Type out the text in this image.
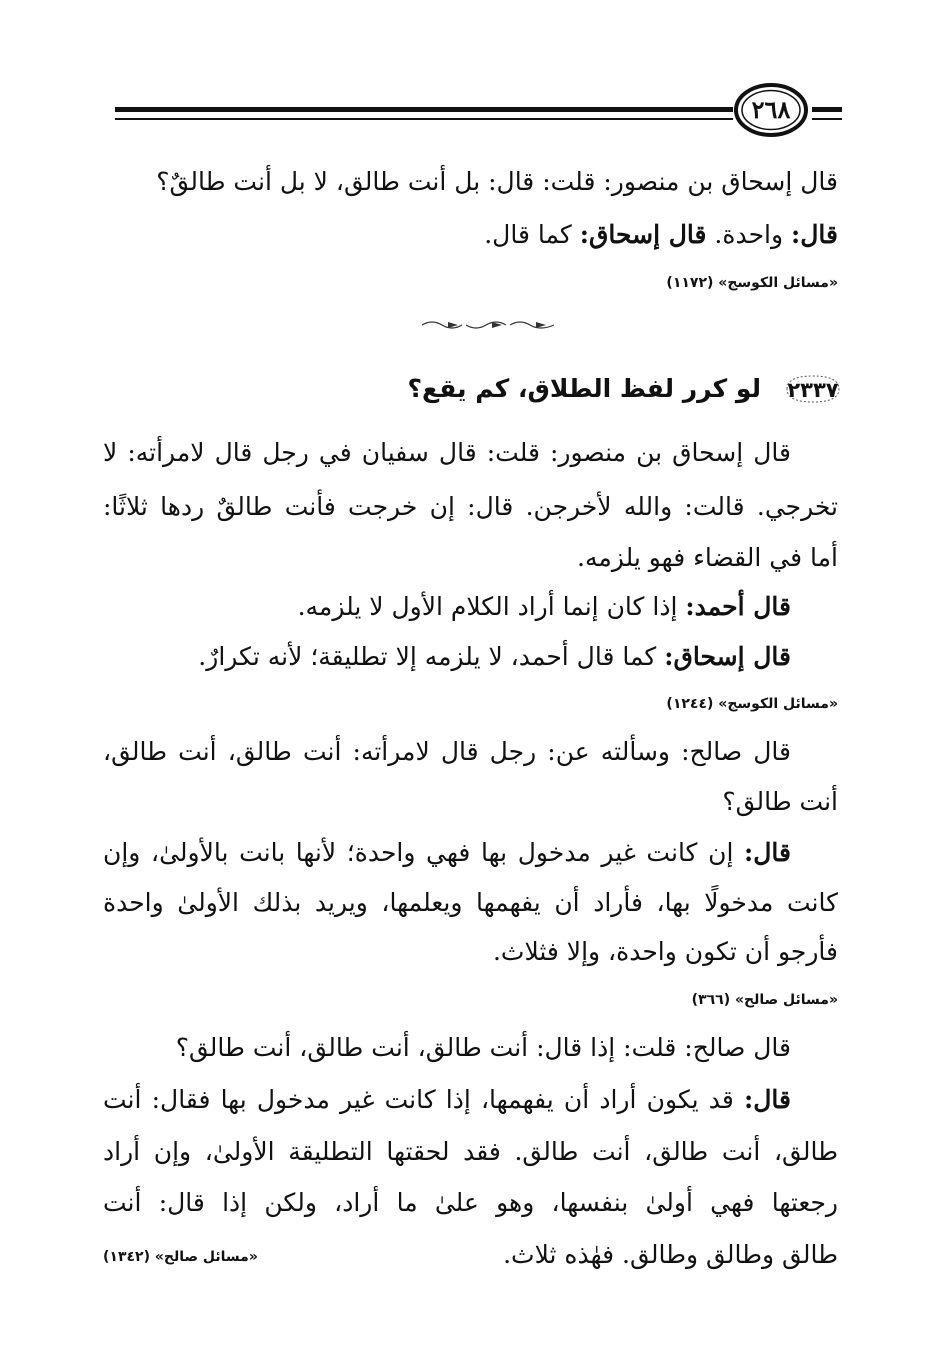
٢٦٨
قال إسحاق بن منصور: قلت: قال: بل أنت طالق، لا بل أنت طالقٌ؟
قال: واحدة. قال إسحاق: كما قال.
«مسائل الكوسج» (١١٧٢)
٢٣٣٧
لو كرر لفظ الطلاق، كم يقع؟
قال إسحاق بن منصور: قلت: قال سفيان في رجل قال لامرأته: لا
تخرجي. قالت: والله لأخرجن. قال: إن خرجت فأنت طالقٌ ردها ثلاثًا:
أما في القضاء فهو يلزمه.
قال أحمد: إذا كان إنما أراد الكلام الأول لا يلزمه.
قال إسحاق: كما قال أحمد، لا يلزمه إلا تطليقة؛ لأنه تكرارٌ.
«مسائل الكوسج» (١٢٤٤)
قال صالح: وسألته عن: رجل قال لامرأته: أنت طالق، أنت طالق،
أنت طالق؟
قال: إن كانت غير مدخول بها فهي واحدة؛ لأنها بانت بالأولىٰ، وإن
كانت مدخولًا بها، فأراد أن يفهمها ويعلمها، ويريد بذلك الأولىٰ واحدة
فأرجو أن تكون واحدة، وإلا فثلاث.
«مسائل صالح» (٣٦٦)
قال صالح: قلت: إذا قال: أنت طالق، أنت طالق، أنت طالق؟
قال: قد يكون أراد أن يفهمها، إذا كانت غير مدخول بها فقال: أنت
طالق، أنت طالق، أنت طالق. فقد لحقتها التطليقة الأولىٰ، وإن أراد
رجعتها فهي أولىٰ بنفسها، وهو علىٰ ما أراد، ولكن إذا قال: أنت
طالق وطالق وطالق. فهٰذه ثلاث.
«مسائل صالح» (١٣٤٢)
